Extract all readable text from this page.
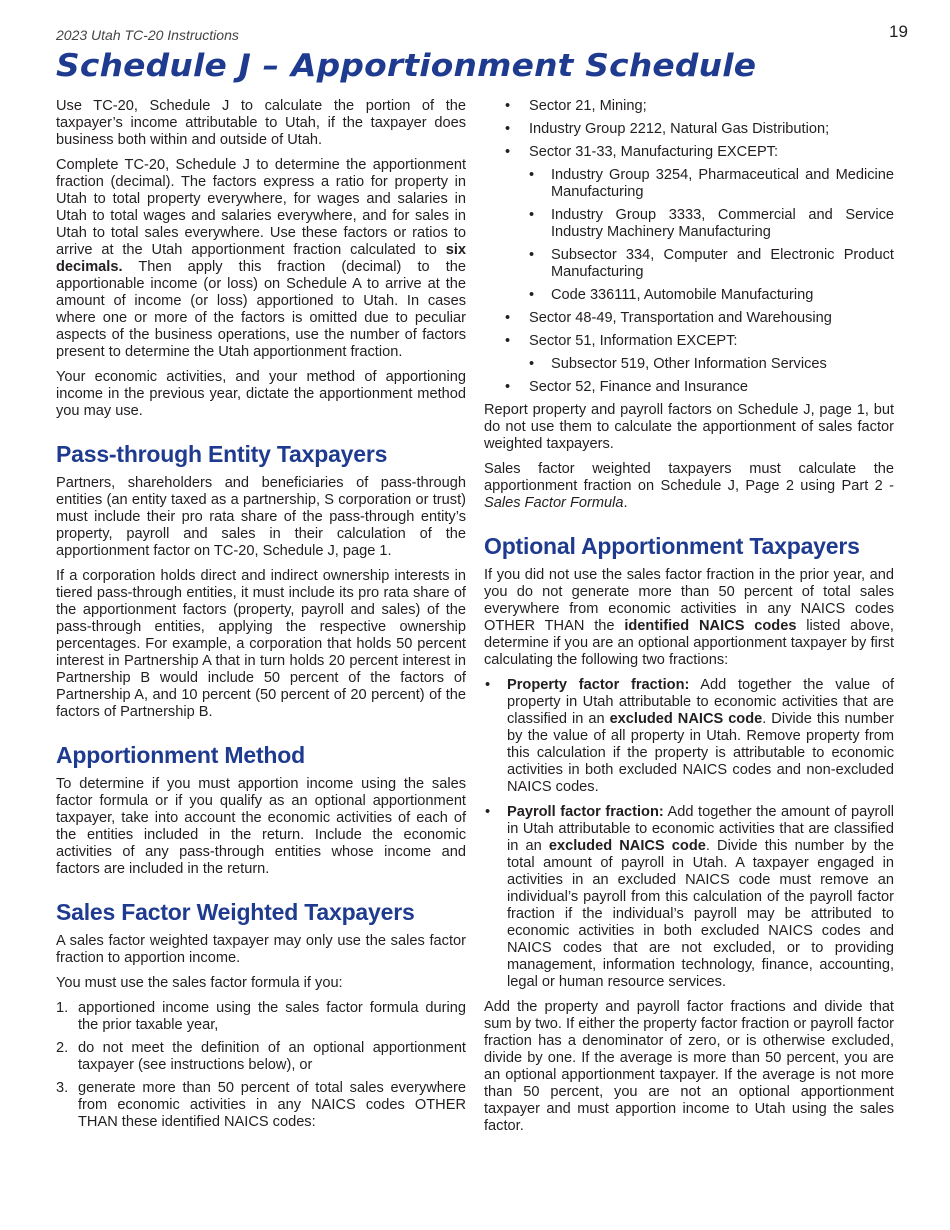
2023 Utah TC-20 Instructions	19
Schedule J – Apportionment Schedule

Use TC-20, Schedule J to calculate the portion of the taxpayer’s income attributable to Utah, if the taxpayer does business both within and outside of Utah.

Complete TC-20, Schedule J to determine the apportionment fraction (decimal). The factors express a ratio for property in Utah to total property everywhere, for wages and salaries in Utah to total wages and salaries everywhere, and for sales in Utah to total sales everywhere. Use these factors or ratios to arrive at the Utah apportionment fraction calculated to six decimals. Then apply this fraction (decimal) to the apportionable income (or loss) on Schedule A to arrive at the amount of income (or loss) apportioned to Utah. In cases where one or more of the factors is omitted due to peculiar aspects of the business operations, use the number of factors present to determine the Utah apportionment fraction.

Your economic activities, and your method of apportioning income in the previous year, dictate the apportionment method you may use.

Pass-through Entity Taxpayers

Partners, shareholders and beneficiaries of pass-through entities (an entity taxed as a partnership, S corporation or trust) must include their pro rata share of the pass-through entity’s property, payroll and sales in their calculation of the apportionment factor on TC-20, Schedule J, page 1.

If a corporation holds direct and indirect ownership interests in tiered pass-through entities, it must include its pro rata share of the apportionment factors (property, payroll and sales) of the pass-through entities, applying the respective ownership percentages. For example, a corporation that holds 50 percent interest in Partnership A that in turn holds 20 percent interest in Partnership B would include 50 percent of the factors of Partnership A, and 10 percent (50 percent of 20 percent) of the factors of Partnership B.

Apportionment Method

To determine if you must apportion income using the sales factor formula or if you qualify as an optional apportionment taxpayer, take into account the economic activities of each of the entities included in the return. Include the economic activities of any pass-through entities whose income and factors are included in the return.

Sales Factor Weighted Taxpayers

A sales factor weighted taxpayer may only use the sales factor fraction to apportion income.

You must use the sales factor formula if you:

1. apportioned income using the sales factor formula during the prior taxable year,
2. do not meet the definition of an optional apportionment taxpayer (see instructions below), or
3. generate more than 50 percent of total sales everywhere from economic activities in any NAICS codes OTHER THAN these identified NAICS codes:
• Sector 21, Mining;
• Industry Group 2212, Natural Gas Distribution;
• Sector 31-33, Manufacturing EXCEPT:
• Industry Group 3254, Pharmaceutical and Medicine Manufacturing
• Industry Group 3333, Commercial and Service Industry Machinery Manufacturing
• Subsector 334, Computer and Electronic Product Manufacturing
• Code 336111, Automobile Manufacturing
• Sector 48-49, Transportation and Warehousing
• Sector 51, Information EXCEPT:
• Subsector 519, Other Information Services
• Sector 52, Finance and Insurance

Report property and payroll factors on Schedule J, page 1, but do not use them to calculate the apportionment of sales factor weighted taxpayers.

Sales factor weighted taxpayers must calculate the apportionment fraction on Schedule J, Page 2 using Part 2 - Sales Factor Formula.

Optional Apportionment Taxpayers

If you did not use the sales factor fraction in the prior year, and you do not generate more than 50 percent of total sales everywhere from economic activities in any NAICS codes OTHER THAN the identified NAICS codes listed above, determine if you are an optional apportionment taxpayer by first calculating the following two fractions:

• Property factor fraction: Add together the value of property in Utah attributable to economic activities that are classified in an excluded NAICS code. Divide this number by the value of all property in Utah. Remove property from this calculation if the property is attributable to economic activities in both excluded NAICS codes and non-excluded NAICS codes.
• Payroll factor fraction: Add together the amount of payroll in Utah attributable to economic activities that are classified in an excluded NAICS code. Divide this number by the total amount of payroll in Utah. A taxpayer engaged in activities in an excluded NAICS code must remove an individual’s payroll from this calculation of the payroll factor fraction if the individual’s payroll may be attributed to economic activities in both excluded NAICS codes and NAICS codes that are not excluded, or to providing management, information technology, finance, accounting, legal or human resource services.

Add the property and payroll factor fractions and divide that sum by two. If either the property factor fraction or payroll factor fraction has a denominator of zero, or is otherwise excluded, divide by one. If the average is more than 50 percent, you are an optional apportionment taxpayer. If the average is not more than 50 percent, you are not an optional apportionment taxpayer and must apportion income to Utah using the sales factor.
